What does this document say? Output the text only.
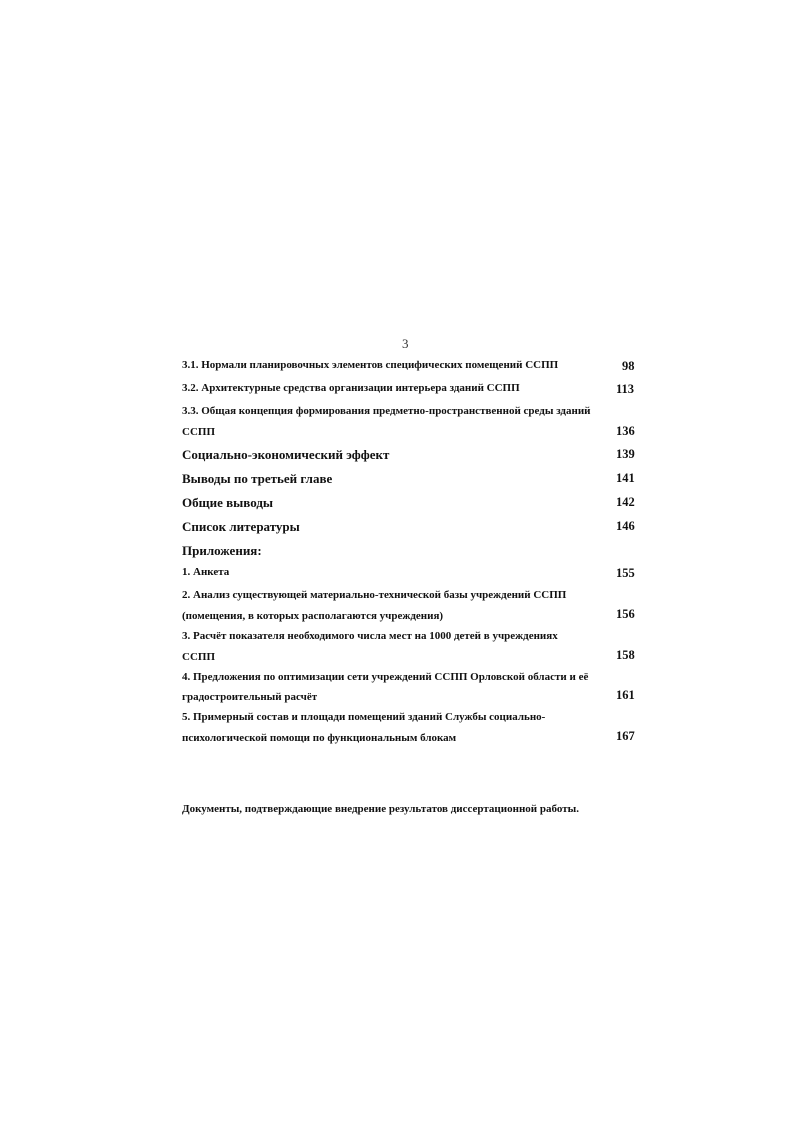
3
3.1. Нормали планировочных элементов специфических помещений ССПП	98
3.2. Архитектурные средства организации интерьера зданий ССПП	113
3.3. Общая концепция формирования предметно-пространственной среды зданий
ССПП	136
Социально-экономический эффект	139
Выводы по третьей главе	141
Общие выводы	142
Список литературы	146
Приложения:
1. Анкета	155
2. Анализ существующей материально-технической базы учреждений ССПП
(помещения, в которых располагаются учреждения)	156
3. Расчёт показателя необходимого числа мест на 1000 детей в учреждениях
ССПП	158
4. Предложения по оптимизации сети учреждений ССПП Орловской области и её
градостроительный расчёт	161
5. Примерный состав и площади помещений зданий Службы социально-
психологической помощи по функциональным блокам	167
Документы, подтверждающие внедрение результатов диссертационной работы.
